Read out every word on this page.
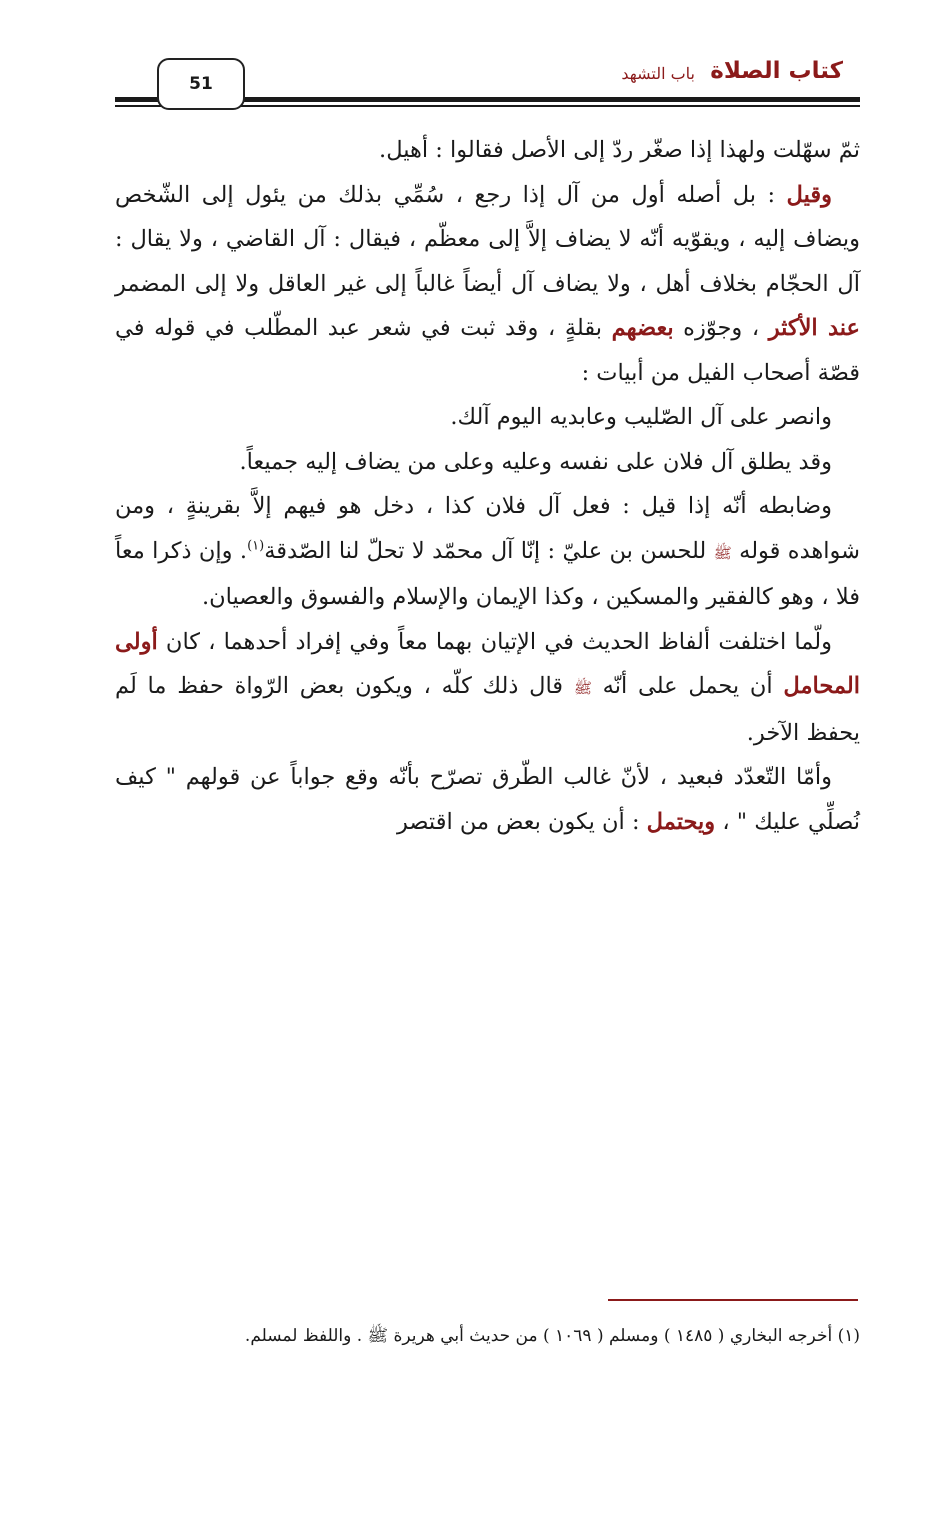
51	كتاب الصلاة
باب التشهد

ثمّ سهّلت ولهذا إذا صغّر ردّ إلى الأصل فقالوا : أهيل.

وقيل : بل أصله أول من آل إذا رجع ، سُمِّي بذلك من يئول إلى الشّخص ويضاف إليه ، ويقوّيه أنّه لا يضاف إلاَّ إلى معظّم ، فيقال : آل القاضي ، ولا يقال : آل الحجّام بخلاف أهل ، ولا يضاف آل أيضاً غالباً إلى غير العاقل ولا إلى المضمر عند الأكثر ، وجوّزه بعضهم بقلةٍ ، وقد ثبت في شعر عبد المطّلب في قوله في قصّة أصحاب الفيل من أبيات :

وانصر على آل الصّليب وعابديه اليوم آلك.

وقد يطلق آل فلان على نفسه وعليه وعلى من يضاف إليه جميعاً.

وضابطه أنّه إذا قيل : فعل آل فلان كذا ، دخل هو فيهم إلاَّ بقرينةٍ ، ومن شواهده قوله ﷺ للحسن بن عليّ : إنّا آل محمّد لا تحلّ لنا الصّدقة$^{(١)}$. وإن ذكرا معاً فلا ، وهو كالفقير والمسكين ، وكذا الإيمان والإسلام والفسوق والعصيان.

ولّما اختلفت ألفاظ الحديث في الإتيان بهما معاً وفي إفراد أحدهما ، كان أولى المحامل أن يحمل على أنّه ﷺ قال ذلك كلّه ، ويكون بعض الرّواة حفظ ما لَم يحفظ الآخر.

وأمّا التّعدّد فبعيد ، لأنّ غالب الطّرق تصرّح بأنّه وقع جواباً عن قولهم " كيف نُصلِّي عليك " ، ويحتمل : أن يكون بعض من اقتصر

(١) أخرجه البخاري ( ١٤٨٥ ) ومسلم ( ١٠٦٩ ) من حديث أبي هريرة ﷺ . واللفظ لمسلم.
